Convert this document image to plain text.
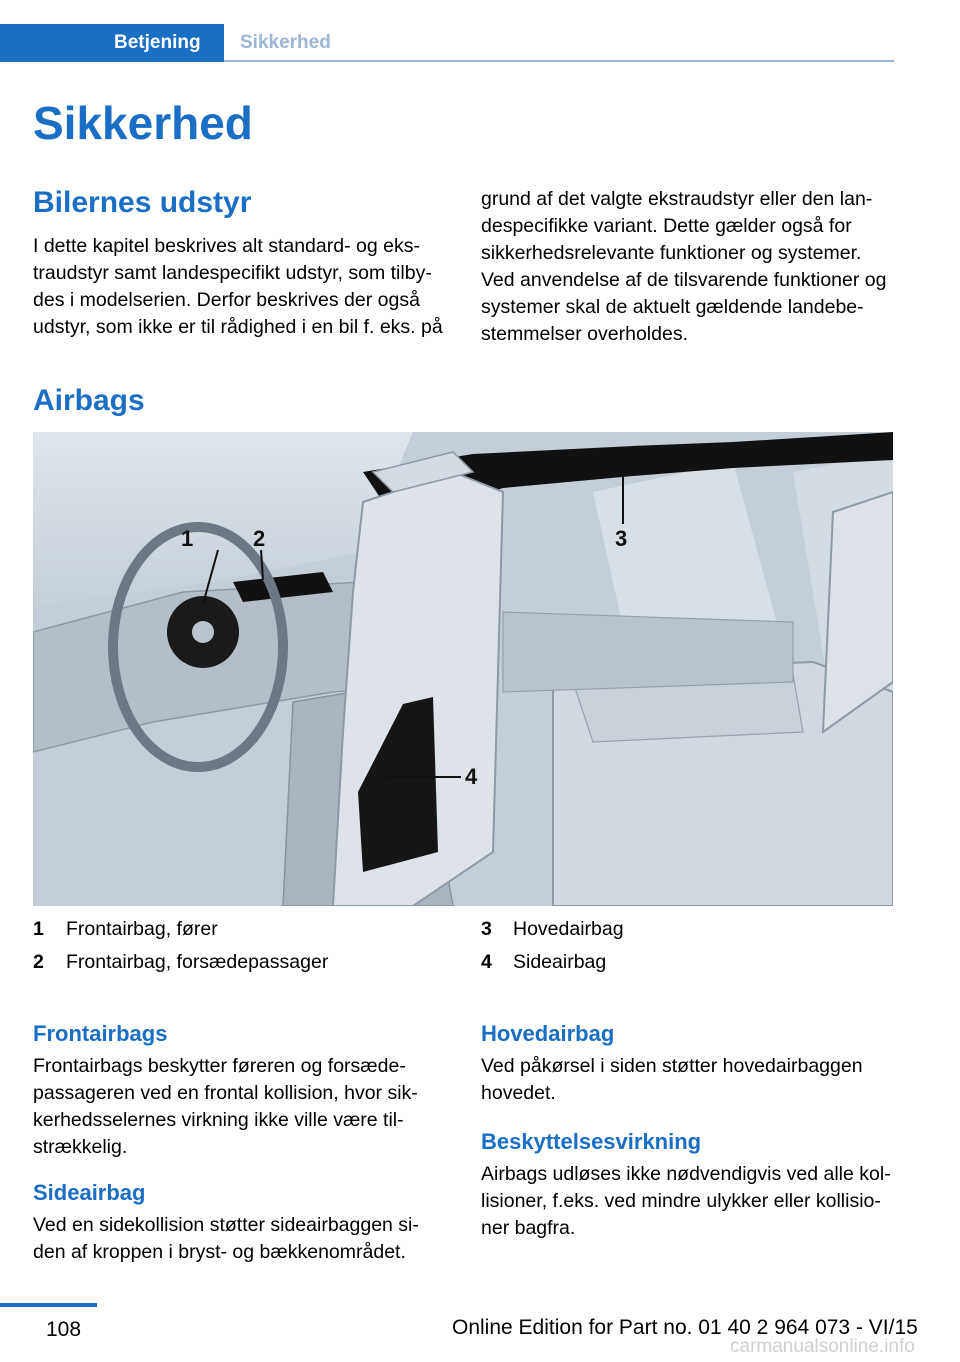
Betjening Sikkerhed
Sikkerhed
Bilernes udstyr

I dette kapitel beskrives alt standard- og eks-

traudstyr samt landespecifikt udstyr, som tilby-

des i modelserien. Derfor beskrives der også

udstyr, som ikke er til rådighed i en bil f. eks. på

grund af det valgte ekstraudstyr eller den lan-

despecifikke variant. Dette gælder også for

sikkerhedsrelevante funktioner og systemer.

Ved anvendelse af de tilsvarende funktioner og

systemer skal de aktuelt gældende landebe-

stemmelser overholdes.

Airbags
1	2	3
4
1 Frontairbag, fører
2 Frontairbag, forsædepassager
3 Hovedairbag
4 Sideairbag
Frontairbags

Frontairbags beskytter føreren og forsæde-

passageren ved en frontal kollision, hvor sik-

kerhedsselernes virkning ikke ville være til-

strækkelig.

Sideairbag

Ved en sidekollision støtter sideairbaggen si-

den af kroppen i bryst- og bækkenområdet.

Hovedairbag

Ved påkørsel i siden støtter hovedairbaggen

hovedet.

Beskyttelsesvirkning

Airbags udløses ikke nødvendigvis ved alle kol-

lisioner, f.eks. ved mindre ulykker eller kollisio-

ner bagfra.

108	Online Edition for Part no. 01 40 2 964 073 - VI/15
carmanualsonline.info
